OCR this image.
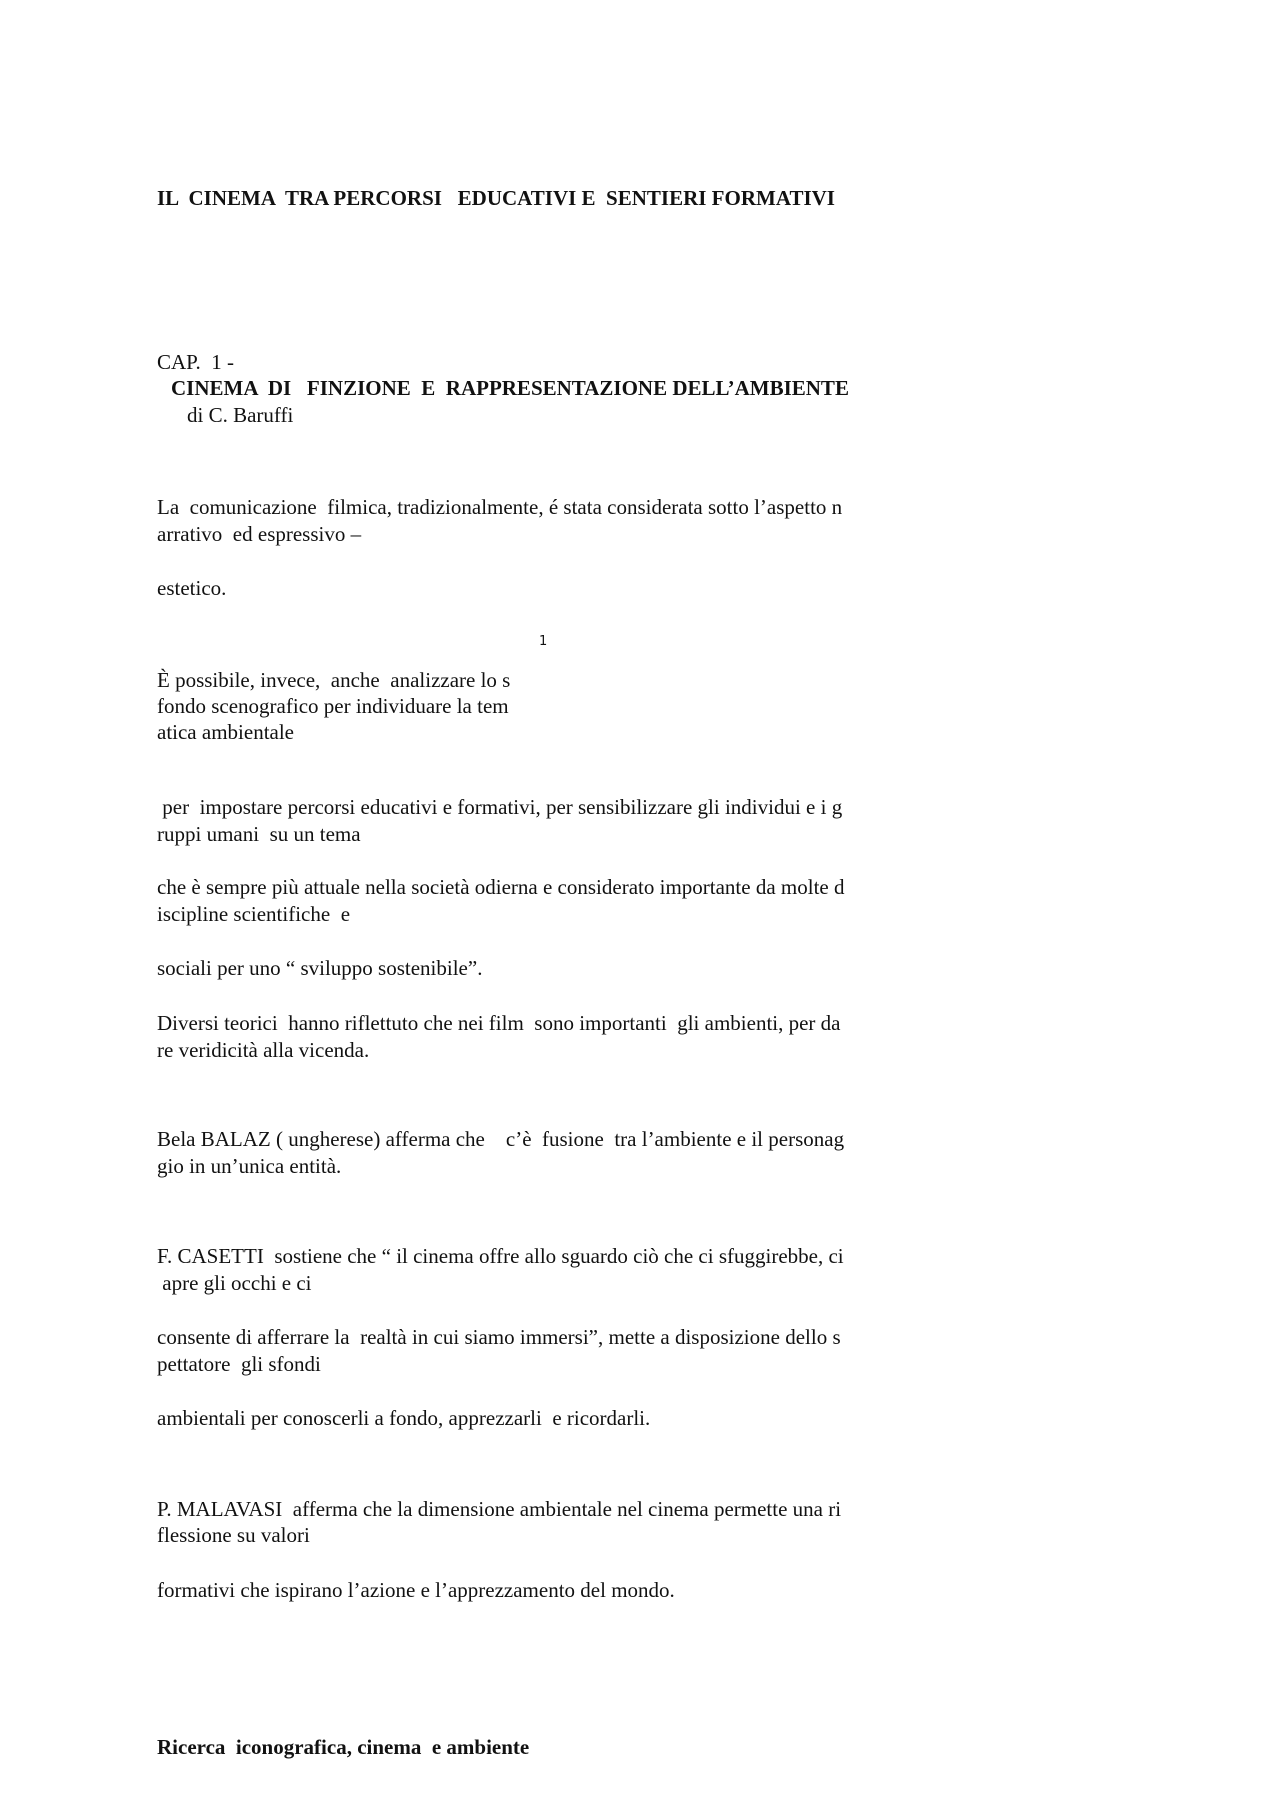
IL  CINEMA  TRA PERCORSI   EDUCATIVI E  SENTIERI FORMATIVI
CAP.  1 -
CINEMA  DI   FINZIONE  E  RAPPRESENTAZIONE DELL’AMBIENTE
di C. Baruffi
La  comunicazione  filmica, tradizionalmente, é stata considerata sotto l’aspetto n
arrativo  ed espressivo –
estetico.
1
È possibile, invece,  anche  analizzare lo s
fondo scenografico per individuare la tem
atica ambientale
per  impostare percorsi educativi e formativi, per sensibilizzare gli individui e i g
ruppi umani  su un tema
che è sempre più attuale nella società odierna e considerato importante da molte d
iscipline scientifiche  e
sociali per uno “ sviluppo sostenibile”.
Diversi teorici  hanno riflettuto che nei film  sono importanti  gli ambienti, per da
re veridicità alla vicenda.
Bela BALAZ ( ungherese) afferma che    c’è  fusione  tra l’ambiente e il personag
gio in un’unica entità.
F. CASETTI  sostiene che “ il cinema offre allo sguardo ciò che ci sfuggirebbe, ci
apre gli occhi e ci
consente di afferrare la  realtà in cui siamo immersi”, mette a disposizione dello s
pettatore  gli sfondi
ambientali per conoscerli a fondo, apprezzarli  e ricordarli.
P. MALAVASI  afferma che la dimensione ambientale nel cinema permette una ri
flessione su valori
formativi che ispirano l’azione e l’apprezzamento del mondo.
Ricerca  iconografica, cinema  e ambiente
